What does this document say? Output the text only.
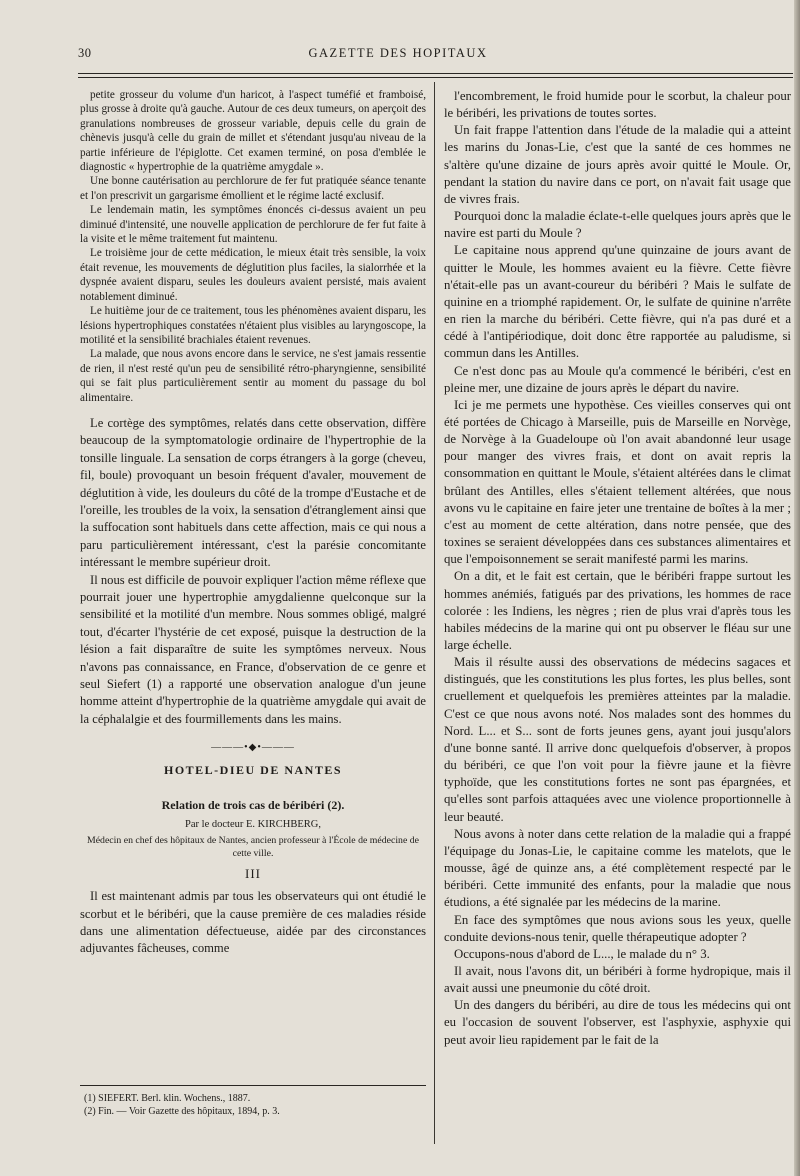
30	GAZETTE DES HOPITAUX

petite grosseur du volume d'un haricot, à l'aspect tuméfié et framboisé, plus grosse à droite qu'à gauche. Autour de ces deux tumeurs, on aperçoit des granulations nombreuses de grosseur variable, depuis celle du grain de chènevis jusqu'à celle du grain de millet et s'étendant jusqu'au niveau de la partie inférieure de l'épiglotte. Cet examen terminé, on posa d'emblée le diagnostic « hypertrophie de la quatrième amygdale ».

Une bonne cautérisation au perchlorure de fer fut pratiquée séance tenante et l'on prescrivit un gargarisme émollient et le régime lacté exclusif.

Le lendemain matin, les symptômes énoncés ci-dessus avaient un peu diminué d'intensité, une nouvelle application de perchlorure de fer fut faite à la visite et le même traitement fut maintenu.

Le troisième jour de cette médication, le mieux était très sensible, la voix était revenue, les mouvements de déglutition plus faciles, la sialorrhée et la dyspnée avaient disparu, seules les douleurs avaient persisté, mais avaient notablement diminué.

Le huitième jour de ce traitement, tous les phénomènes avaient disparu, les lésions hypertrophiques constatées n'étaient plus visibles au laryngoscope, la motilité et la sensibilité brachiales étaient revenues.

La malade, que nous avons encore dans le service, ne s'est jamais ressentie de rien, il n'est resté qu'un peu de sensibilité rétro-pharyngienne, sensibilité qui se fait plus particulièrement sentir au moment du passage du bol alimentaire.

Le cortège des symptômes, relatés dans cette observation, diffère beaucoup de la symptomatologie ordinaire de l'hypertrophie de la tonsille linguale. La sensation de corps étrangers à la gorge (cheveu, fil, boule) provoquant un besoin fréquent d'avaler, mouvement de déglutition à vide, les douleurs du côté de la trompe d'Eustache et de l'oreille, les troubles de la voix, la sensation d'étranglement ainsi que la suffocation sont habituels dans cette affection, mais ce qui nous a paru particulièrement intéressant, c'est la parésie concomitante intéressant le membre supérieur droit.

Il nous est difficile de pouvoir expliquer l'action même réflexe que pourrait jouer une hypertrophie amygdalienne quelconque sur la sensibilité et la motilité d'un membre. Nous sommes obligé, malgré tout, d'écarter l'hystérie de cet exposé, puisque la destruction de la lésion a fait disparaître de suite les symptômes nerveux. Nous n'avons pas connaissance, en France, d'observation de ce genre et seul Siefert (1) a rapporté une observation analogue d'un jeune homme atteint d'hypertrophie de la quatrième amygdale qui avait de la céphalalgie et des fourmillements dans les mains.

———•◆•———
HOTEL-DIEU DE NANTES
Relation de trois cas de béribéri (2).
Par le docteur E. KIRCHBERG,
Médecin en chef des hôpitaux de Nantes, ancien professeur à l'École de médecine de cette ville.
III

Il est maintenant admis par tous les observateurs qui ont étudié le scorbut et le béribéri, que la cause première de ces maladies réside dans une alimentation défectueuse, aidée par des circonstances adjuvantes fâcheuses, comme

(1) SIEFERT. Berl. klin. Wochens., 1887.
(2) Fin. — Voir Gazette des hôpitaux, 1894, p. 3.

l'encombrement, le froid humide pour le scorbut, la chaleur pour le béribéri, les privations de toutes sortes.

Un fait frappe l'attention dans l'étude de la maladie qui a atteint les marins du Jonas-Lie, c'est que la santé de ces hommes ne s'altère qu'une dizaine de jours après avoir quitté le Moule. Or, pendant la station du navire dans ce port, on n'avait fait usage que de vivres frais.

Pourquoi donc la maladie éclate-t-elle quelques jours après que le navire est parti du Moule ?

Le capitaine nous apprend qu'une quinzaine de jours avant de quitter le Moule, les hommes avaient eu la fièvre. Cette fièvre n'était-elle pas un avant-coureur du béribéri ? Mais le sulfate de quinine en a triomphé rapidement. Or, le sulfate de quinine n'arrête en rien la marche du béribéri. Cette fièvre, qui n'a pas duré et a cédé à l'antipériodique, doit donc être rapportée au paludisme, si commun dans les Antilles.

Ce n'est donc pas au Moule qu'a commencé le béribéri, c'est en pleine mer, une dizaine de jours après le départ du navire.

Ici je me permets une hypothèse. Ces vieilles conserves qui ont été portées de Chicago à Marseille, puis de Marseille en Norvège, de Norvège à la Guadeloupe où l'on avait abandonné leur usage pour manger des vivres frais, et dont on avait repris la consommation en quittant le Moule, s'étaient altérées dans le climat brûlant des Antilles, elles s'étaient tellement altérées, que nous avons vu le capitaine en faire jeter une trentaine de boîtes à la mer ; c'est au moment de cette altération, dans notre pensée, que des toxines se seraient développées dans ces substances alimentaires et que l'empoisonnement se serait manifesté parmi les marins.

On a dit, et le fait est certain, que le béribéri frappe surtout les hommes anémiés, fatigués par des privations, les hommes de race colorée : les Indiens, les nègres ; rien de plus vrai d'après tous les habiles médecins de la marine qui ont pu observer le fléau sur une large échelle.

Mais il résulte aussi des observations de médecins sagaces et distingués, que les constitutions les plus fortes, les plus belles, sont cruellement et quelquefois les premières atteintes par la maladie. C'est ce que nous avons noté. Nos malades sont des hommes du Nord. L... et S... sont de forts jeunes gens, ayant joui jusqu'alors d'une bonne santé. Il arrive donc quelquefois d'observer, à propos du béribéri, ce que l'on voit pour la fièvre jaune et la fièvre typhoïde, que les constitutions fortes ne sont pas épargnées, et qu'elles sont parfois attaquées avec une violence proportionnelle à leur beauté.

Nous avons à noter dans cette relation de la maladie qui a frappé l'équipage du Jonas-Lie, le capitaine comme les matelots, que le mousse, âgé de quinze ans, a été complètement respecté par le béribéri. Cette immunité des enfants, pour la maladie que nous étudions, a été signalée par les médecins de la marine.

En face des symptômes que nous avions sous les yeux, quelle conduite devions-nous tenir, quelle thérapeutique adopter ?

Occupons-nous d'abord de L..., le malade du n° 3.

Il avait, nous l'avons dit, un béribéri à forme hydropique, mais il avait aussi une pneumonie du côté droit.

Un des dangers du béribéri, au dire de tous les médecins qui ont eu l'occasion de souvent l'observer, est l'asphyxie, asphyxie qui peut avoir lieu rapidement par le fait de la
